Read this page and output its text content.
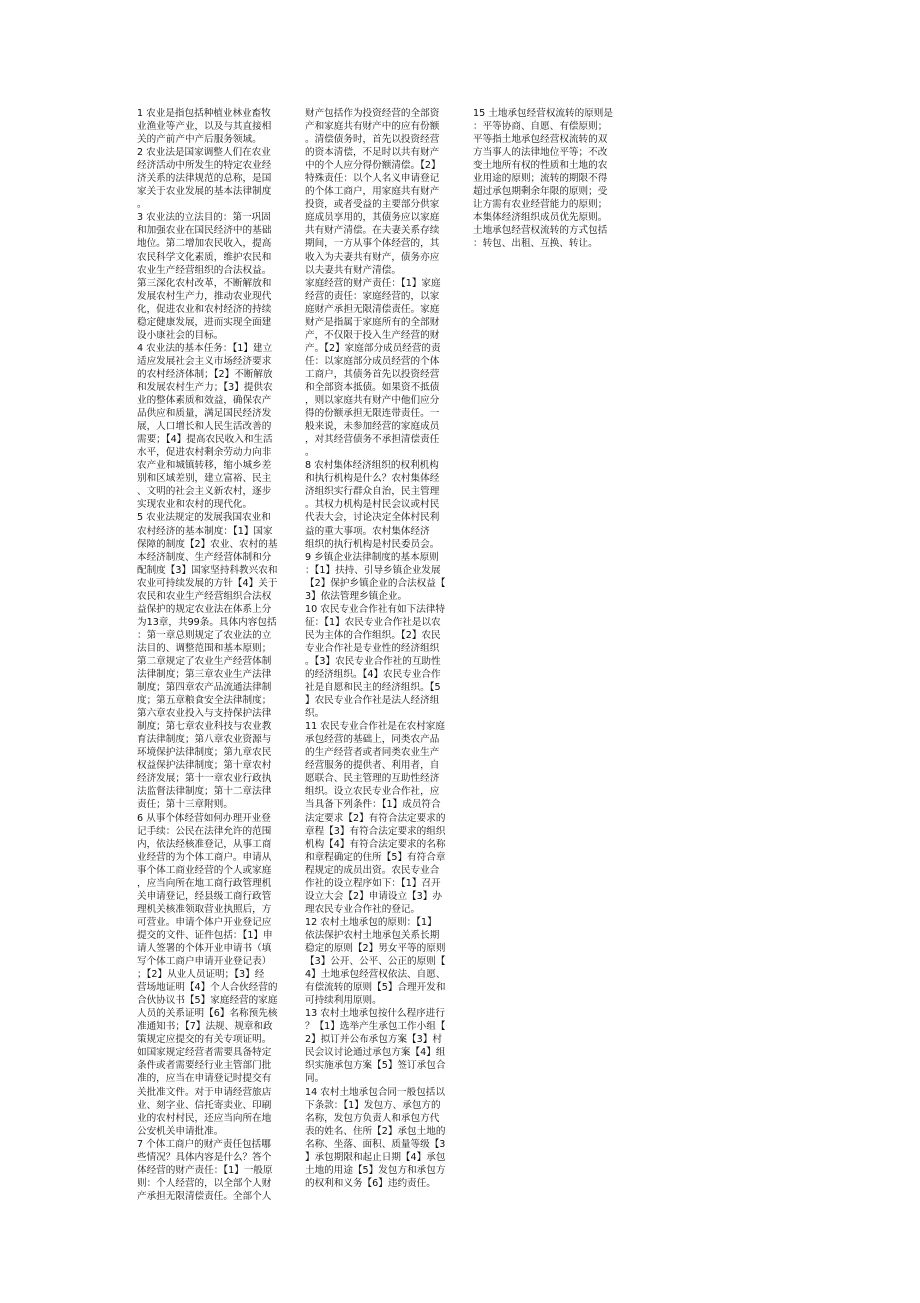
1 农业是指包括种植业林业畜牧
业渔业等产业，以及与其直接相
关的产前产中产后服务领域。
2 农业法是国家调整人们在农业
经济活动中所发生的特定农业经
济关系的法律规范的总称，是国
家关于农业发展的基本法律制度
。
3 农业法的立法目的：第一巩固
和加强农业在国民经济中的基础
地位。第二增加农民收入，提高
农民科学文化素质，维护农民和
农业生产经营组织的合法权益。
第三深化农村改革，不断解放和
发展农村生产力，推动农业现代
化，促进农业和农村经济的持续
稳定健康发展，进而实现全面建
设小康社会的目标。
4 农业法的基本任务：【1】建立
适应发展社会主义市场经济要求
的农村经济体制；【2】不断解放
和发展农村生产力；【3】提供农
业的整体素质和效益，确保农产
品供应和质量，满足国民经济发
展，人口增长和人民生活改善的
需要；【4】提高农民收入和生活
水平，促进农村剩余劳动力向非
农产业和城镇转移，缩小城乡差
别和区域差别，建立富裕、民主
、文明的社会主义新农村，逐步
实现农业和农村的现代化。
5 农业法规定的发展我国农业和
农村经济的基本制度：【1】国家
保障的制度【2】农业、农村的基
本经济制度、生产经营体制和分
配制度【3】国家坚持科教兴农和
农业可持续发展的方针【4】关于
农民和农业生产经营组织合法权
益保护的规定农业法在体系上分
为13章，共99条。具体内容包括
：第一章总则规定了农业法的立
法目的、调整范围和基本原则；
第二章规定了农业生产经营体制
法律制度；第三章农业生产法律
制度；第四章农产品流通法律制
度；第五章粮食安全法律制度；
第六章农业投入与支持保护法律
制度；第七章农业科技与农业教
育法律制度；第八章农业资源与
环境保护法律制度；第九章农民
权益保护法律制度；第十章农村
经济发展；第十一章农业行政执
法监督法律制度；第十二章法律
责任；第十三章附则。
6 从事个体经营如何办理开业登
记手续：公民在法律允许的范围
内，依法经核准登记，从事工商
业经营的为个体工商户。申请从
事个体工商业经营的个人或家庭
，应当向所在地工商行政管理机
关申请登记，经县级工商行政管
理机关核准领取营业执照后，方
可营业。申请个体户开业登记应
提交的文件、证件包括：【1】申
请人签署的个体开业申请书（填
写个体工商户申请开业登记表）
；【2】从业人员证明；【3】经
营场地证明【4】个人合伙经营的
合伙协议书【5】家庭经营的家庭
人员的关系证明【6】名称预先核
准通知书；【7】法规、规章和政
策规定应提交的有关专项证明。
如国家规定经营者需要具备特定
条件或者需要经行业主管部门批
准的，应当在申请登记时提交有
关批准文件。对于申请经营旅店
业、刻字业、信托寄卖业、印刷
业的农村村民，还应当向所在地
公安机关申请批准。
7 个体工商户的财产责任包括哪
些情况？具体内容是什么？答个
体经营的财产责任：【1】一般原
则：个人经营的，以全部个人财
产承担无限清偿责任。全部个人
财产包括作为投资经营的全部资
产和家庭共有财产中的应有份额
。清偿债务时，首先以投资经营
的资本清偿，不足时以共有财产
中的个人应分得份额清偿。【2】
特殊责任：以个人名义申请登记
的个体工商户，用家庭共有财产
投资，或者受益的主要部分供家
庭成员享用的，其债务应以家庭
共有财产清偿。在夫妻关系存续
期间，一方从事个体经营的，其
收入为夫妻共有财产，债务亦应
以夫妻共有财产清偿。
家庭经营的财产责任：【1】家庭
经营的责任：家庭经营的，以家
庭财产承担无限清偿责任。家庭
财产是指属于家庭所有的全部财
产，不仅限于投入生产经营的财
产。【2】家庭部分成员经营的责
任：以家庭部分成员经营的个体
工商户，其债务首先以投资经营
和全部资本抵债。如果资不抵债
，则以家庭共有财产中他们应分
得的份额承担无限连带责任。一
般来说，未参加经营的家庭成员
，对其经营债务不承担清偿责任
。
8 农村集体经济组织的权利机构
和执行机构是什么？农村集体经
济组织实行群众自治，民主管理
。其权力机构是村民会议或村民
代表大会，讨论决定全体村民利
益的重大事项。农村集体经济
组织的执行机构是村民委员会。
9 乡镇企业法律制度的基本原则
：【1】扶持、引导乡镇企业发展
【2】保护乡镇企业的合法权益【
3】依法管理乡镇企业。
10 农民专业合作社有如下法律特
征：【1】农民专业合作社是以农
民为主体的合作组织。【2】农民
专业合作社是专业性的经济组织
。【3】农民专业合作社的互助性
的经济组织。【4】农民专业合作
社是自愿和民主的经济组织。【5
】农民专业合作社是法人经济组
织。
11 农民专业合作社是在农村家庭
承包经营的基础上，同类农产品
的生产经营者或者同类农业生产
经营服务的提供者、利用者，自
愿联合、民主管理的互助性经济
组织。设立农民专业合作社，应
当具备下列条件：【1】成员符合
法定要求【2】有符合法定要求的
章程【3】有符合法定要求的组织
机构【4】有符合法定要求的名称
和章程确定的住所【5】有符合章
程规定的成员出资。农民专业合
作社的设立程序如下：【1】召开
设立大会【2】申请设立【3】办
理农民专业合作社的登记。
12 农村土地承包的原则：【1】
依法保护农村土地承包关系长期
稳定的原则【2】男女平等的原则
【3】公开、公平、公正的原则【
4】土地承包经营权依法、自愿、
有偿流转的原则【5】合理开发和
可持续利用原则。
13 农村土地承包按什么程序进行
？【1】选举产生承包工作小组【
2】拟订并公布承包方案【3】村
民会议讨论通过承包方案【4】组
织实施承包方案【5】签订承包合
同。
14 农村土地承包合同一般包括以
下条款：【1】发包方、承包方的
名称，发包方负责人和承包方代
表的姓名、住所【2】承包土地的
名称、坐落、面积、质量等级【3
】承包期限和起止日期【4】承包
土地的用途【5】发包方和承包方
的权利和义务【6】违约责任。
15 土地承包经营权流转的原则是
：平等协商、自愿、有偿原则；
平等指土地承包经营权流转的双
方当事人的法律地位平等；不改
变土地所有权的性质和土地的农
业用途的原则；流转的期限不得
超过承包期剩余年限的原则；受
让方需有农业经营能力的原则；
本集体经济组织成员优先原则。
土地承包经营权流转的方式包括
：转包、出租、互换、转让。
